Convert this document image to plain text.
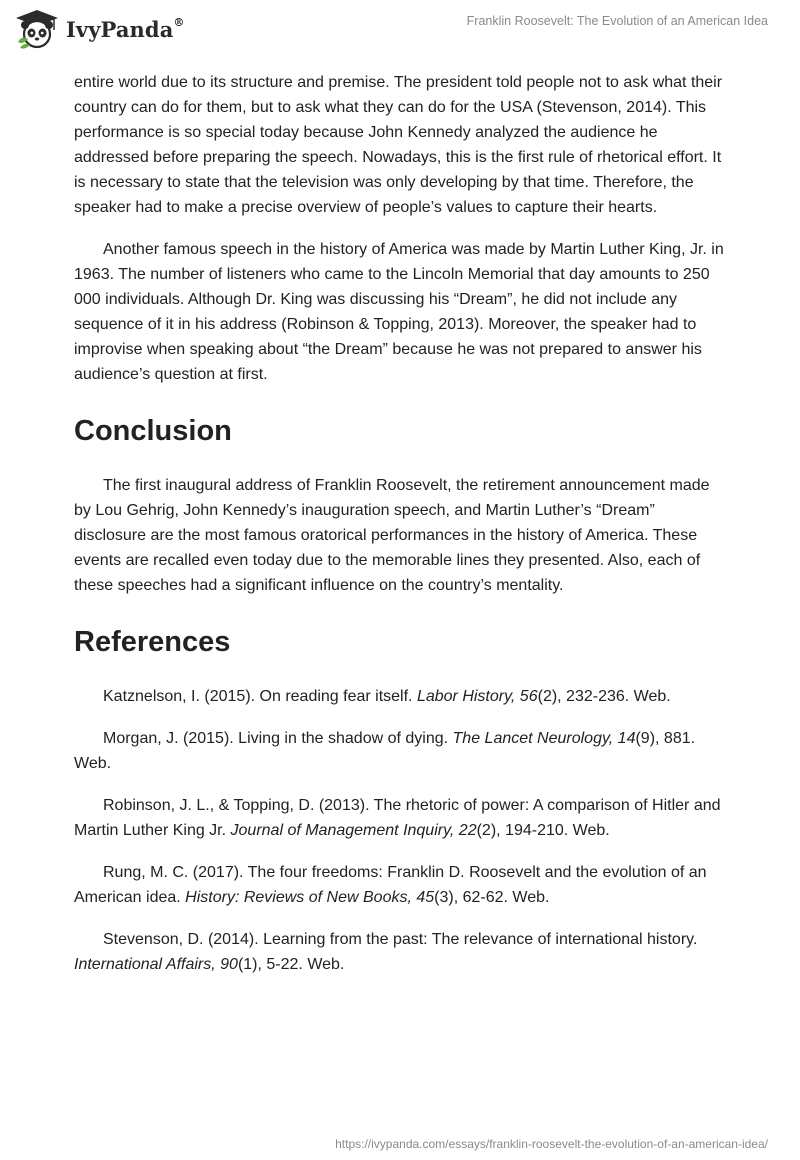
IvyPanda®	Franklin Roosevelt: The Evolution of an American Idea

entire world due to its structure and premise. The president told people not to ask what their country can do for them, but to ask what they can do for the USA (Stevenson, 2014). This performance is so special today because John Kennedy analyzed the audience he addressed before preparing the speech. Nowadays, this is the first rule of rhetorical effort. It is necessary to state that the television was only developing by that time. Therefore, the speaker had to make a precise overview of people’s values to capture their hearts.

Another famous speech in the history of America was made by Martin Luther King, Jr. in 1963. The number of listeners who came to the Lincoln Memorial that day amounts to 250 000 individuals. Although Dr. King was discussing his “Dream”, he did not include any sequence of it in his address (Robinson & Topping, 2013). Moreover, the speaker had to improvise when speaking about “the Dream” because he was not prepared to answer his audience’s question at first.

Conclusion

The first inaugural address of Franklin Roosevelt, the retirement announcement made by Lou Gehrig, John Kennedy’s inauguration speech, and Martin Luther’s “Dream” disclosure are the most famous oratorical performances in the history of America. These events are recalled even today due to the memorable lines they presented. Also, each of these speeches had a significant influence on the country’s mentality.

References

Katznelson, I. (2015). On reading fear itself. Labor History, 56(2), 232-236. Web.

Morgan, J. (2015). Living in the shadow of dying. The Lancet Neurology, 14(9), 881. Web.

Robinson, J. L., & Topping, D. (2013). The rhetoric of power: A comparison of Hitler and Martin Luther King Jr. Journal of Management Inquiry, 22(2), 194-210. Web.

Rung, M. C. (2017). The four freedoms: Franklin D. Roosevelt and the evolution of an American idea. History: Reviews of New Books, 45(3), 62-62. Web.

Stevenson, D. (2014). Learning from the past: The relevance of international history. International Affairs, 90(1), 5-22. Web.

https://ivypanda.com/essays/franklin-roosevelt-the-evolution-of-an-american-idea/
